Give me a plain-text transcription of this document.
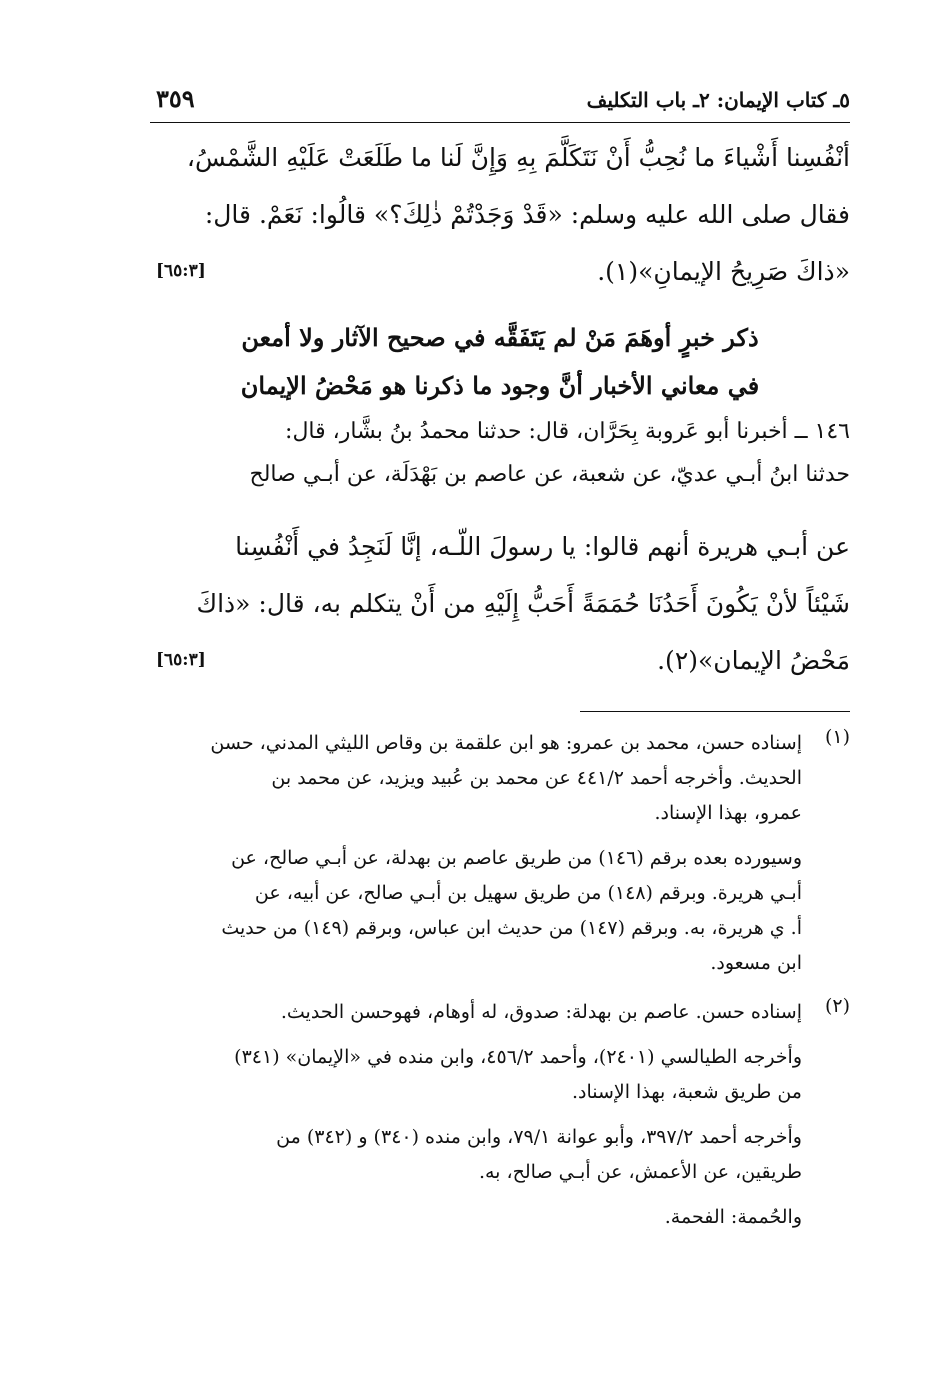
٥ـ كتاب الإيمان: ٢ـ باب التكليف
٣٥٩
أنْفُسِنا أَشْياءَ ما نُحِبُّ أَنْ نَتَكَلَّمَ بِهِ وَإِنَّ لَنا ما طَلَعَتْ عَلَيْهِ الشَّمْسُ،
فقال صلى الله عليه وسلم: «قَدْ وَجَدْتُمْ ذٰلِكَ؟» قالُوا: نَعَمْ. قال:
«ذاكَ صَرِيحُ الإيمانِ»(١).
[٦٥:٣]
ذكر خبرٍ أوهَمَ مَنْ لم يَتَفَقَّه في صحيح الآثار ولا أمعن
في معاني الأخبار أنَّ وجود ما ذكرنا هو مَحْضُ الإيمان
١٤٦ ــ أخبرنا أبو عَروبة بِحَرَّان، قال: حدثنا محمدُ بنُ بشَّار، قال:
حدثنا ابنُ أبـي عديّ، عن شعبة، عن عاصم بن بَهْدَلَة، عن أبـي صالح
عن أبـي هريرة أنهم قالوا: يا رسولَ اللّـه، إنَّا لَنَجِدُ في أَنْفُسِنا
شَيْئاً لأنْ يَكُونَ أَحَدُنَا حُمَمَةً أَحَبُّ إِلَيْهِ من أَنْ يتكلم به، قال: «ذاكَ
مَحْضُ الإيمان»(٢).
[٦٥:٣]
(١)
إسناده حسن، محمد بن عمرو: هو ابن علقمة بن وقاص الليثي المدني، حسن
الحديث. وأخرجه أحمد ٤٤١/٢ عن محمد بن عُبيد ويزيد، عن محمد بن
عمرو، بهذا الإسناد.
وسيورده بعده برقم (١٤٦) من طريق عاصم بن بهدلة، عن أبـي صالح، عن
أبـي هريرة. وبرقم (١٤٨) من طريق سهيل بن أبـي صالح، عن أبيه، عن
أ. ي هريرة، به. وبرقم (١٤٧) من حديث ابن عباس، وبرقم (١٤٩) من حديث
ابن مسعود.
(٢)
إسناده حسن. عاصم بن بهدلة: صدوق، له أوهام، فهوحسن الحديث.
وأخرجه الطيالسي (٢٤٠١)، وأحمد ٤٥٦/٢، وابن منده في «الإيمان» (٣٤١)
من طريق شعبة، بهذا الإسناد.
وأخرجه أحمد ٣٩٧/٢، وأبو عوانة ٧٩/١، وابن منده (٣٤٠) و (٣٤٢) من
طريقين، عن الأعمش، عن أبـي صالح، به.
والحُممة: الفحمة.
